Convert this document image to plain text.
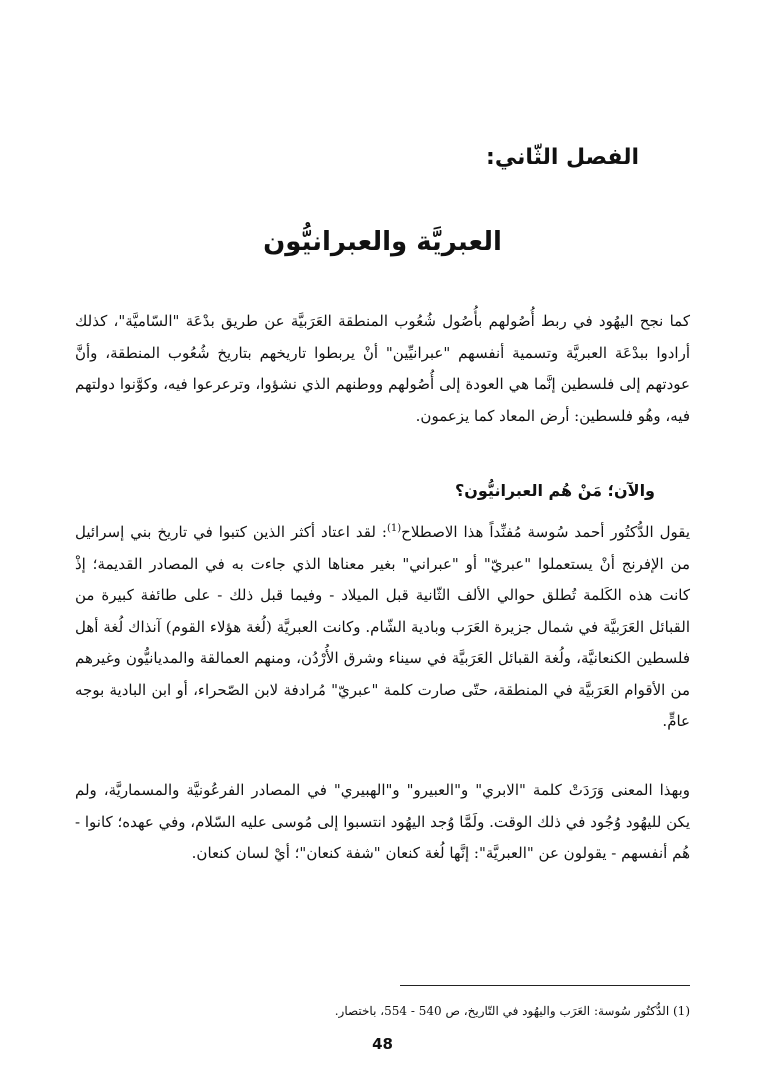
الفصل الثّاني:
العبريَّة والعبرانيُّون

كما نجح اليهُود في ربط أُصُولهم بأُصُول شُعُوب المنطقة العَرَبيَّة عن طريق بدْعَة "السّاميَّة"، كذلك أرادوا ببدْعَة العبريَّة وتسمية أنفسهم "عبرانيِّين" أنْ يربطوا تاريخهم بتاريخ شُعُوب المنطقة، وأنَّ عودتهم إلى فلسطين إنَّما هي العودة إلى أُصُولهم ووطنهم الذي نشؤوا، وترعرعوا فيه، وكوَّنوا دولتهم فيه، وهُو فلسطين: أرض المعاد كما يزعمون.

والآن؛ مَنْ هُم العبرانيُّون؟

يقول الدُّكتُور أحمد سُوسة مُفنِّداً هذا الاصطلاح$^{(1)}$: لقد اعتاد أكثر الذين كتبوا في تاريخ بني إسرائيل من الإفرنج أنْ يستعملوا "عبريّ" أو "عبراني" بغير معناها الذي جاءت به في المصادر القديمة؛ إذْ كانت هذه الكَلمة تُطلق حوالي الألف الثّانية قبل الميلاد - وفيما قبل ذلك - على طائفة كبيرة من القبائل العَرَبيَّة في شمال جزيرة العَرَب وبادية الشّام. وكانت العبريَّة (لُغة هؤلاء القوم) آنذاك لُغة أهل فلسطين الكنعانيَّة، ولُغة القبائل العَرَبيَّة في سيناء وشرق الأُرْدُن، ومنهم العمالقة والمديانيُّون وغيرهم من الأقوام العَرَبيَّة في المنطقة، حتّى صارت كلمة "عبريّ" مُرادفة لابن الصّحراء، أو ابن البادية بوجه عامٍّ.

وبهذا المعنى وَرَدَتْ كلمة "الابري" و"العبيرو" و"الهبيري" في المصادر الفرعُونيَّة والمسماريَّة، ولم يكن لليهُود وُجُود في ذلك الوقت. ولَمَّا وُجد اليهُود انتسبوا إلى مُوسى عليه السّلام، وفي عهده؛ كانوا - هُم أنفسهم - يقولون عن "العبريَّة": إنَّها لُغة كنعان "شفة كنعان"؛ أيْ لسان كنعان.

(1) الدُّكتُور سُوسة: العَرَب واليهُود في التّاريخ، ص 540 - 554، باختصار.
48
